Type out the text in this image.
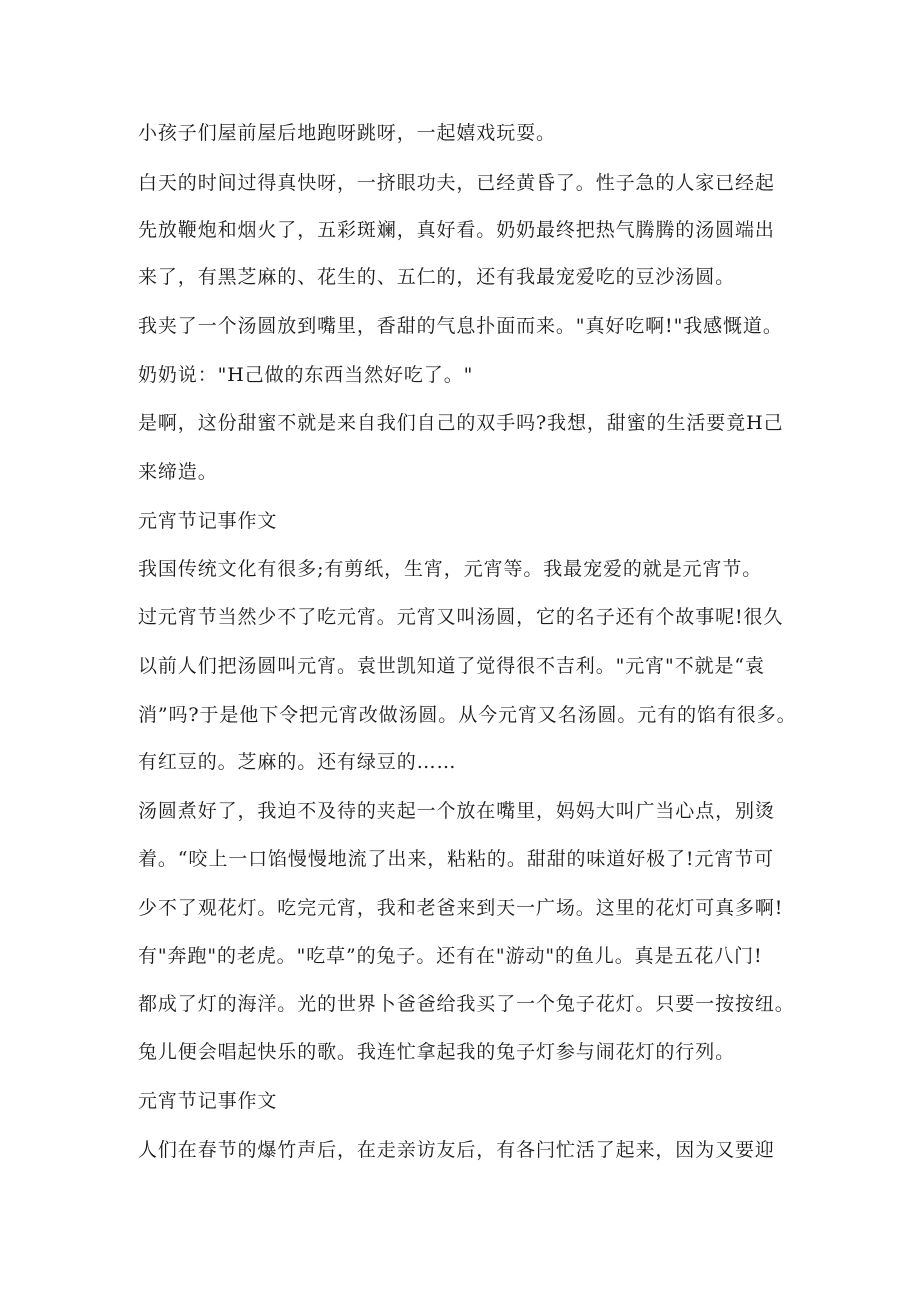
小孩子们屋前屋后地跑呀跳呀，一起嬉戏玩耍。
白天的时间过得真快呀，一挤眼功夫，已经黄昏了。性子急的人家已经起
先放鞭炮和烟火了，五彩斑斓，真好看。奶奶最终把热气腾腾的汤圆端出
来了，有黑芝麻的、花生的、五仁的，还有我最宠爱吃的豆沙汤圆。
我夹了一个汤圆放到嘴里，香甜的气息扑面而来。"真好吃啊!"我感慨道。
奶奶说："H己做的东西当然好吃了。"
是啊，这份甜蜜不就是来自我们自己的双手吗?我想，甜蜜的生活要竟H己
来缔造。
元宵节记事作文
我国传统文化有很多;有剪纸，生宵，元宵等。我最宠爱的就是元宵节。
过元宵节当然少不了吃元宵。元宵又叫汤圆，它的名子还有个故事呢!很久
以前人们把汤圆叫元宵。袁世凯知道了觉得很不吉利。"元宵"不就是“袁
消”吗?于是他下令把元宵改做汤圆。从今元宵又名汤圆。元有的馅有很多。
有红豆的。芝麻的。还有绿豆的……
汤圆煮好了，我迫不及待的夹起一个放在嘴里，妈妈大叫广当心点，别烫
着。“咬上一口馅慢慢地流了出来，粘粘的。甜甜的味道好极了!元宵节可
少不了观花灯。吃完元宵，我和老爸来到天一广场。这里的花灯可真多啊!
有"奔跑"的老虎。"吃草”的兔子。还有在"游动"的鱼儿。真是五花八门!
都成了灯的海洋。光的世界卜爸爸给我买了一个兔子花灯。只要一按按纽。
兔儿便会唱起快乐的歌。我连忙拿起我的兔子灯参与闹花灯的行列。
元宵节记事作文
人们在春节的爆竹声后，在走亲访友后，有各闩忙活了起来，因为又要迎
